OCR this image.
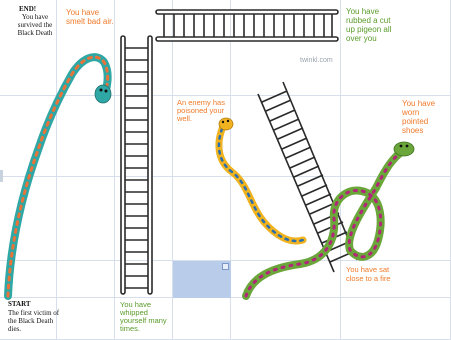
twinkl.com
END!
You have survived the Black Death
You have smelt bad air.
You have rubbed a cut up pigeon all over you
An enemy has poisoned your well.
You have worn pointed shoes
You have sat close to a fire
You have whipped yourself many times.
START
The first victim of the Black Death dies.
